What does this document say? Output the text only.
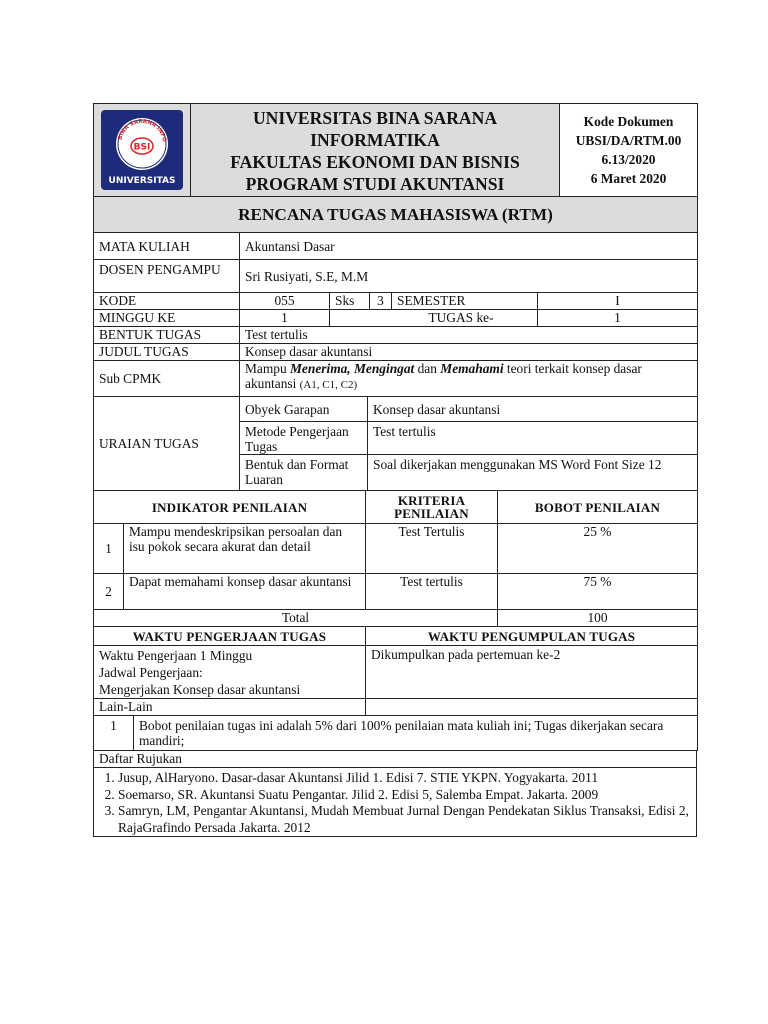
BINA SARANA INFO
BSI
UNIVERSITAS

UNIVERSITAS BINA SARANA
INFORMATIKA
FAKULTAS EKONOMI DAN BISNIS
PROGRAM STUDI AKUNTANSI

Kode Dokumen
UBSI/DA/RTM.00
6.13/2020
6 Maret 2020

RENCANA TUGAS MAHASISWA (RTM)
MATA KULIAH	Akuntansi Dasar				
DOSEN PENGAMPU	Sri Rusiyati, S.E, M.M				
KODE	055	Sks	3	SEMESTER	I
MINGGU KE	1	TUGAS ke-			1
BENTUK TUGAS	Test tertulis				
JUDUL TUGAS	Konsep dasar akuntansi				
Sub CPMK	Mampu Menerima, Mengingat dan Memahami teori terkait konsep dasar akuntansi (A1, C1, C2)				
URAIAN TUGAS	Obyek Garapan	Konsep dasar akuntansi
	Metode Pengerjaan Tugas	Test tertulis
	Bentuk dan Format Luaran	Soal dikerjakan menggunakan MS Word Font Size 12
INDIKATOR PENILAIAN		KRITERIA PENILAIAN	BOBOT PENILAIAN
1	Mampu mendeskripsikan persoalan dan isu pokok secara akurat dan detail	Test Tertulis	25 %
2	Dapat memahami konsep dasar akuntansi	Test tertulis	75 %
Total			100
WAKTU PENGERJAAN TUGAS	WAKTU PENGUMPULAN TUGAS

Waktu Pengerjaan 1 Minggu
Jadwal Pengerjaan:
Mengerjakan Konsep dasar akuntansi	Dikumpulkan pada pertemuan ke-2
Lain-Lain	
1	Bobot penilaian tugas ini adalah 5% dari 100% penilaian mata kuliah ini; Tugas dikerjakan secara mandiri;
Daftar Rujukan

1. Jusup, AlHaryono. Dasar-dasar Akuntansi Jilid 1. Edisi 7. STIE YKPN. Yogyakarta. 2011
2. Soemarso, SR. Akuntansi Suatu Pengantar. Jilid 2. Edisi 5, Salemba Empat. Jakarta. 2009
3. Samryn, LM, Pengantar Akuntansi, Mudah Membuat Jurnal Dengan Pendekatan Siklus Transaksi, Edisi 2, RajaGrafindo Persada Jakarta. 2012
